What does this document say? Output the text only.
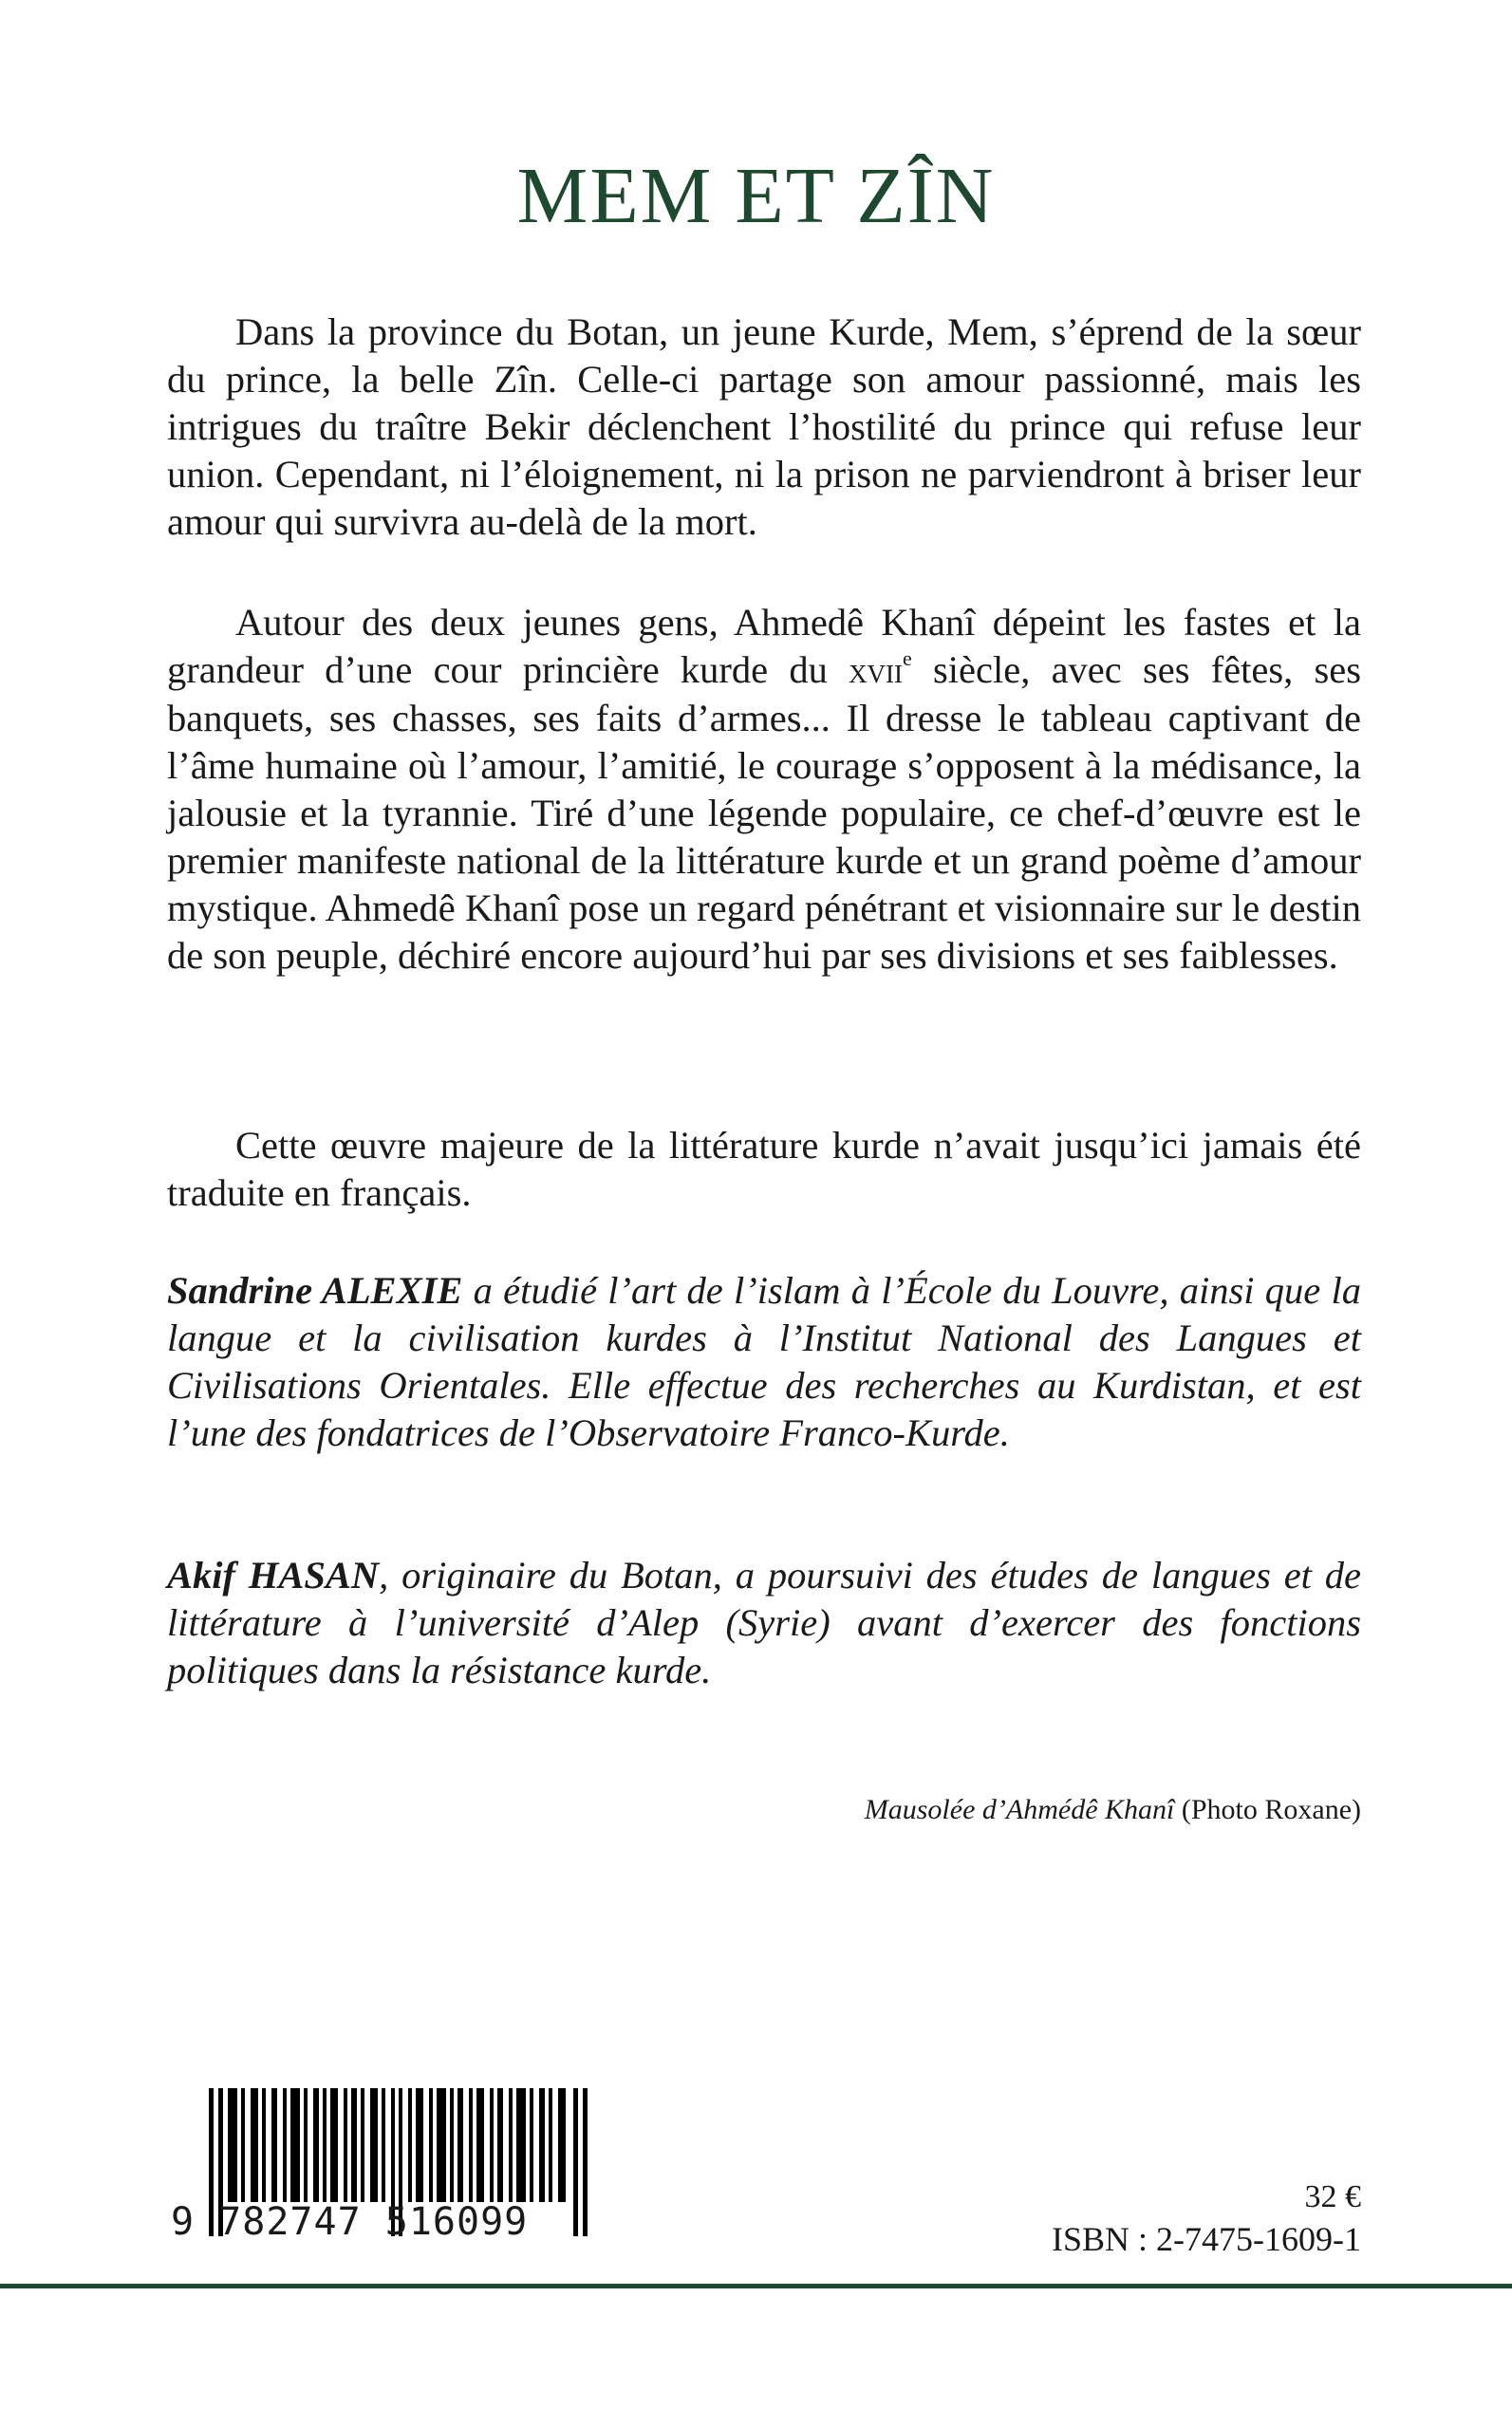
MEM ET ZÎN

Dans la province du Botan, un jeune Kurde, Mem, s’éprend de la sœur du prince, la belle Zîn. Celle-ci partage son amour passionné, mais les intrigues du traître Bekir déclenchent l’hostilité du prince qui refuse leur union. Cependant, ni l’éloignement, ni la prison ne parviendront à briser leur amour qui survivra au-delà de la mort.

Autour des deux jeunes gens, Ahmedê Khanî dépeint les fastes et la grandeur d’une cour princière kurde du xvii$^e$ siècle, avec ses fêtes, ses banquets, ses chasses, ses faits d’armes... Il dresse le tableau captivant de l’âme humaine où l’amour, l’amitié, le courage s’opposent à la médisance, la jalousie et la tyrannie. Tiré d’une légende populaire, ce chef-d’œuvre est le premier manifeste national de la littérature kurde et un grand poème d’amour mystique. Ahmedê Khanî pose un regard pénétrant et visionnaire sur le destin de son peuple, déchiré encore aujourd’hui par ses divisions et ses faiblesses.

Cette œuvre majeure de la littérature kurde n’avait jusqu’ici jamais été traduite en français.

Sandrine ALEXIE a étudié l’art de l’islam à l’École du Louvre, ainsi que la langue et la civilisation kurdes à l’Institut National des Langues et Civilisations Orientales. Elle effectue des recherches au Kurdistan, et est l’une des fondatrices de l’Observatoire Franco-Kurde.

Akif HASAN, originaire du Botan, a poursuivi des études de langues et de littérature à l’université d’Alep (Syrie) avant d’exercer des fonctions politiques dans la résistance kurde.

Mausolée d’Ahmédê Khanî (Photo Roxane)
9 782747 516099
32 €
ISBN : 2-7475-1609-1
